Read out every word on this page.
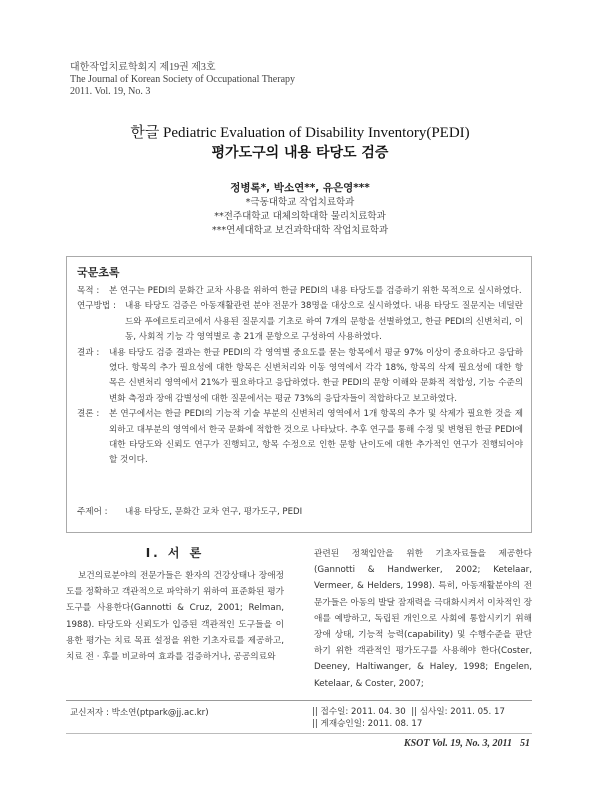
대한작업치료학회지 제19권 제3호
The Journal of Korean Society of Occupational Therapy
2011. Vol. 19, No. 3
한글 Pediatric Evaluation of Disability Inventory(PEDI)
평가도구의 내용 타당도 검증
정병록*, 박소연**, 유은영***
*극동대학교 작업치료학과
**전주대학교 대체의학대학 물리치료학과
***연세대학교 보건과학대학 작업치료학과
국문초록
목적 : 본 연구는 PEDI의 문화간 교차 사용을 위하여 한글 PEDI의 내용 타당도를 검증하기 위한 목적으로 실시하였다.
연구방법 : 내용 타당도 검증은 아동재활관련 분야 전문가 38명을 대상으로 실시하였다. 내용 타당도 질문지는 네덜란드와 푸에르토리코에서 사용된 질문지를 기초로 하여 7개의 문항을 선별하였고, 한글 PEDI의 신변처리, 이동, 사회적 기능 각 영역별로 총 21개 문항으로 구성하여 사용하였다.
결과 : 내용 타당도 검증 결과는 한글 PEDI의 각 영역별 중요도를 묻는 항목에서 평균 97% 이상이 중요하다고 응답하였다. 항목의 추가 필요성에 대한 항목은 신변처리와 이동 영역에서 각각 18%, 항목의 삭제 필요성에 대한 항목은 신변처리 영역에서 21%가 필요하다고 응답하였다. 한글 PEDI의 문항 이해와 문화적 적합성, 기능 수준의 변화 측정과 장애 감별성에 대한 질문에서는 평균 73%의 응답자들이 적합하다고 보고하였다.
결론 : 본 연구에서는 한글 PEDI의 기능적 기술 부분의 신변처리 영역에서 1개 항목의 추가 및 삭제가 필요한 것을 제외하고 대부분의 영역에서 한국 문화에 적합한 것으로 나타났다. 추후 연구를 통해 수정 및 변형된 한글 PEDI에 대한 타당도와 신뢰도 연구가 진행되고, 항목 수정으로 인한 문항 난이도에 대한 추가적인 연구가 진행되어야 할 것이다.
주제어 : 내용 타당도, 문화간 교차 연구, 평가도구, PEDI
Ⅰ. 서 론
보건의료분야의 전문가들은 환자의 건강상태나 장애정도를 정확하고 객관적으로 파악하기 위하여 표준화된 평가도구를 사용한다(Gannotti & Cruz, 2001; Relman, 1988). 타당도와 신뢰도가 입증된 객관적인 도구들을 이용한 평가는 치료 목표 설정을 위한 기초자료를 제공하고, 치료 전 · 후를 비교하여 효과를 검증하거나, 공공의료와
관련된 정책입안을 위한 기초자료들을 제공한다(Gannotti & Handwerker, 2002; Ketelaar, Vermeer, & Helders, 1998). 특히, 아동재활분야의 전문가들은 아동의 발달 잠재력을 극대화시켜서 이차적인 장애를 예방하고, 독립된 개인으로 사회에 통합시키기 위해 장애 상태, 기능적 능력(capability) 및 수행수준을 판단하기 위한 객관적인 평가도구를 사용해야 한다(Coster, Deeney, Haltiwanger, & Haley, 1998; Engelen, Ketelaar, & Coster, 2007;
교신저자 : 박소연(ptpark@jj.ac.kr)	|| 접수일: 2011. 04. 30 || 심사일: 2011. 05. 17
|| 게재승인일: 2011. 08. 17
KSOT Vol. 19, No. 3, 2011 51
